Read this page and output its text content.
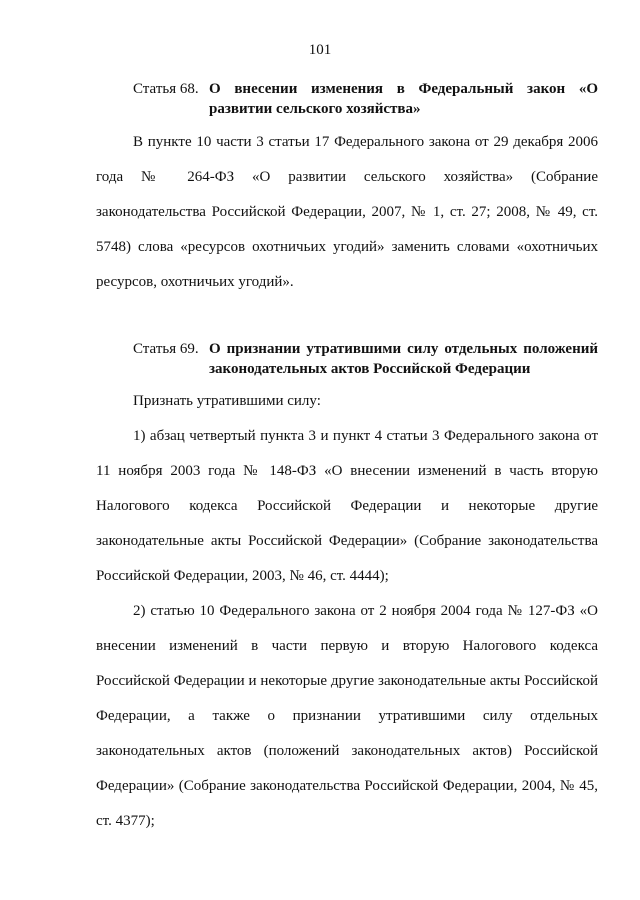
101
Статья 68. О внесении изменения в Федеральный закон «О развитии сельского хозяйства»

В пункте 10 части 3 статьи 17 Федерального закона от 29 декабря 2006 года № 264-ФЗ «О развитии сельского хозяйства» (Собрание законодательства Российской Федерации, 2007, № 1, ст. 27; 2008, № 49, ст. 5748) слова «ресурсов охотничьих угодий» заменить словами «охотничьих ресурсов, охотничьих угодий».

Статья 69. О признании утратившими силу отдельных положений законодательных актов Российской Федерации

Признать утратившими силу:

1) абзац четвертый пункта 3 и пункт 4 статьи 3 Федерального закона от 11 ноября 2003 года № 148-ФЗ «О внесении изменений в часть вторую Налогового кодекса Российской Федерации и некоторые другие законодательные акты Российской Федерации» (Собрание законодательства Российской Федерации, 2003, № 46, ст. 4444);

2) статью 10 Федерального закона от 2 ноября 2004 года № 127-ФЗ «О внесении изменений в части первую и вторую Налогового кодекса Российской Федерации и некоторые другие законодательные акты Российской Федерации, а также о признании утратившими силу отдельных законодательных актов (положений законодательных актов) Российской Федерации» (Собрание законодательства Российской Федерации, 2004, № 45, ст. 4377);
